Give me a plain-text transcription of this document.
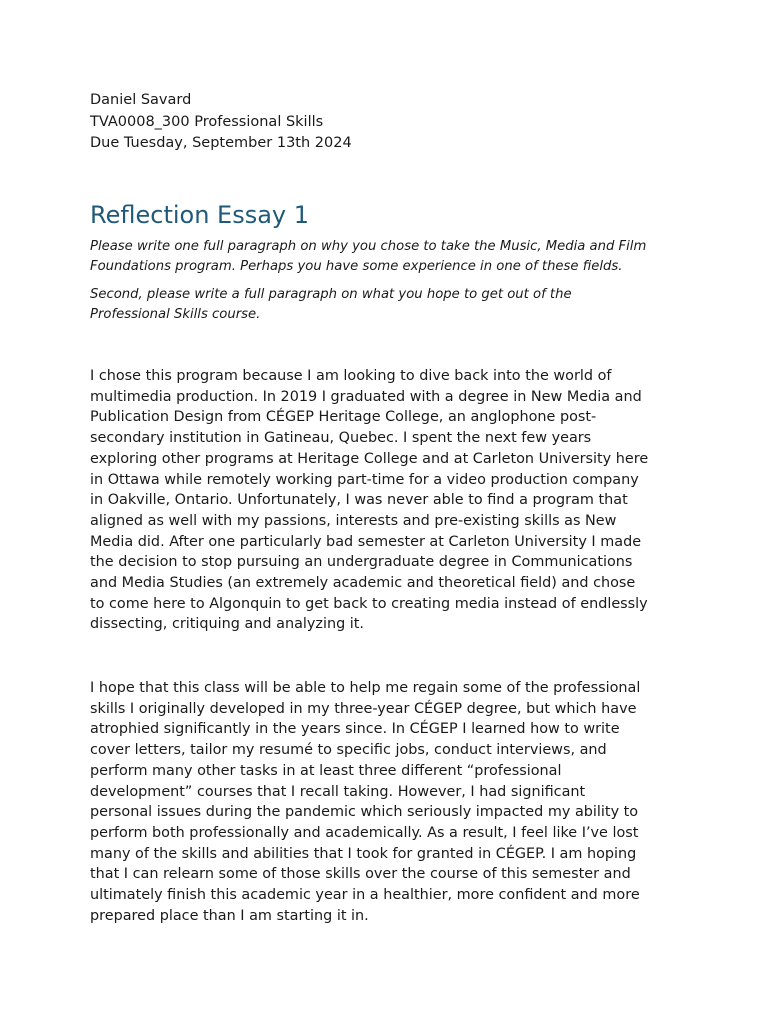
Daniel Savard

TVA0008_300 Professional Skills

Due Tuesday, September 13th 2024

Reflection Essay 1

Please write one full paragraph on why you chose to take the Music, Media and Film
Foundations program. Perhaps you have some experience in one of these fields.

Second, please write a full paragraph on what you hope to get out of the
Professional Skills course.

I chose this program because I am looking to dive back into the world of
multimedia production. In 2019 I graduated with a degree in New Media and
Publication Design from CÉGEP Heritage College, an anglophone post-
secondary institution in Gatineau, Quebec. I spent the next few years
exploring other programs at Heritage College and at Carleton University here
in Ottawa while remotely working part-time for a video production company
in Oakville, Ontario. Unfortunately, I was never able to find a program that
aligned as well with my passions, interests and pre-existing skills as New
Media did. After one particularly bad semester at Carleton University I made
the decision to stop pursuing an undergraduate degree in Communications
and Media Studies (an extremely academic and theoretical field) and chose
to come here to Algonquin to get back to creating media instead of endlessly
dissecting, critiquing and analyzing it.

I hope that this class will be able to help me regain some of the professional
skills I originally developed in my three-year CÉGEP degree, but which have
atrophied significantly in the years since. In CÉGEP I learned how to write
cover letters, tailor my resumé to specific jobs, conduct interviews, and
perform many other tasks in at least three different “professional
development” courses that I recall taking. However, I had significant
personal issues during the pandemic which seriously impacted my ability to
perform both professionally and academically. As a result, I feel like I’ve lost
many of the skills and abilities that I took for granted in CÉGEP. I am hoping
that I can relearn some of those skills over the course of this semester and
ultimately finish this academic year in a healthier, more confident and more
prepared place than I am starting it in.
